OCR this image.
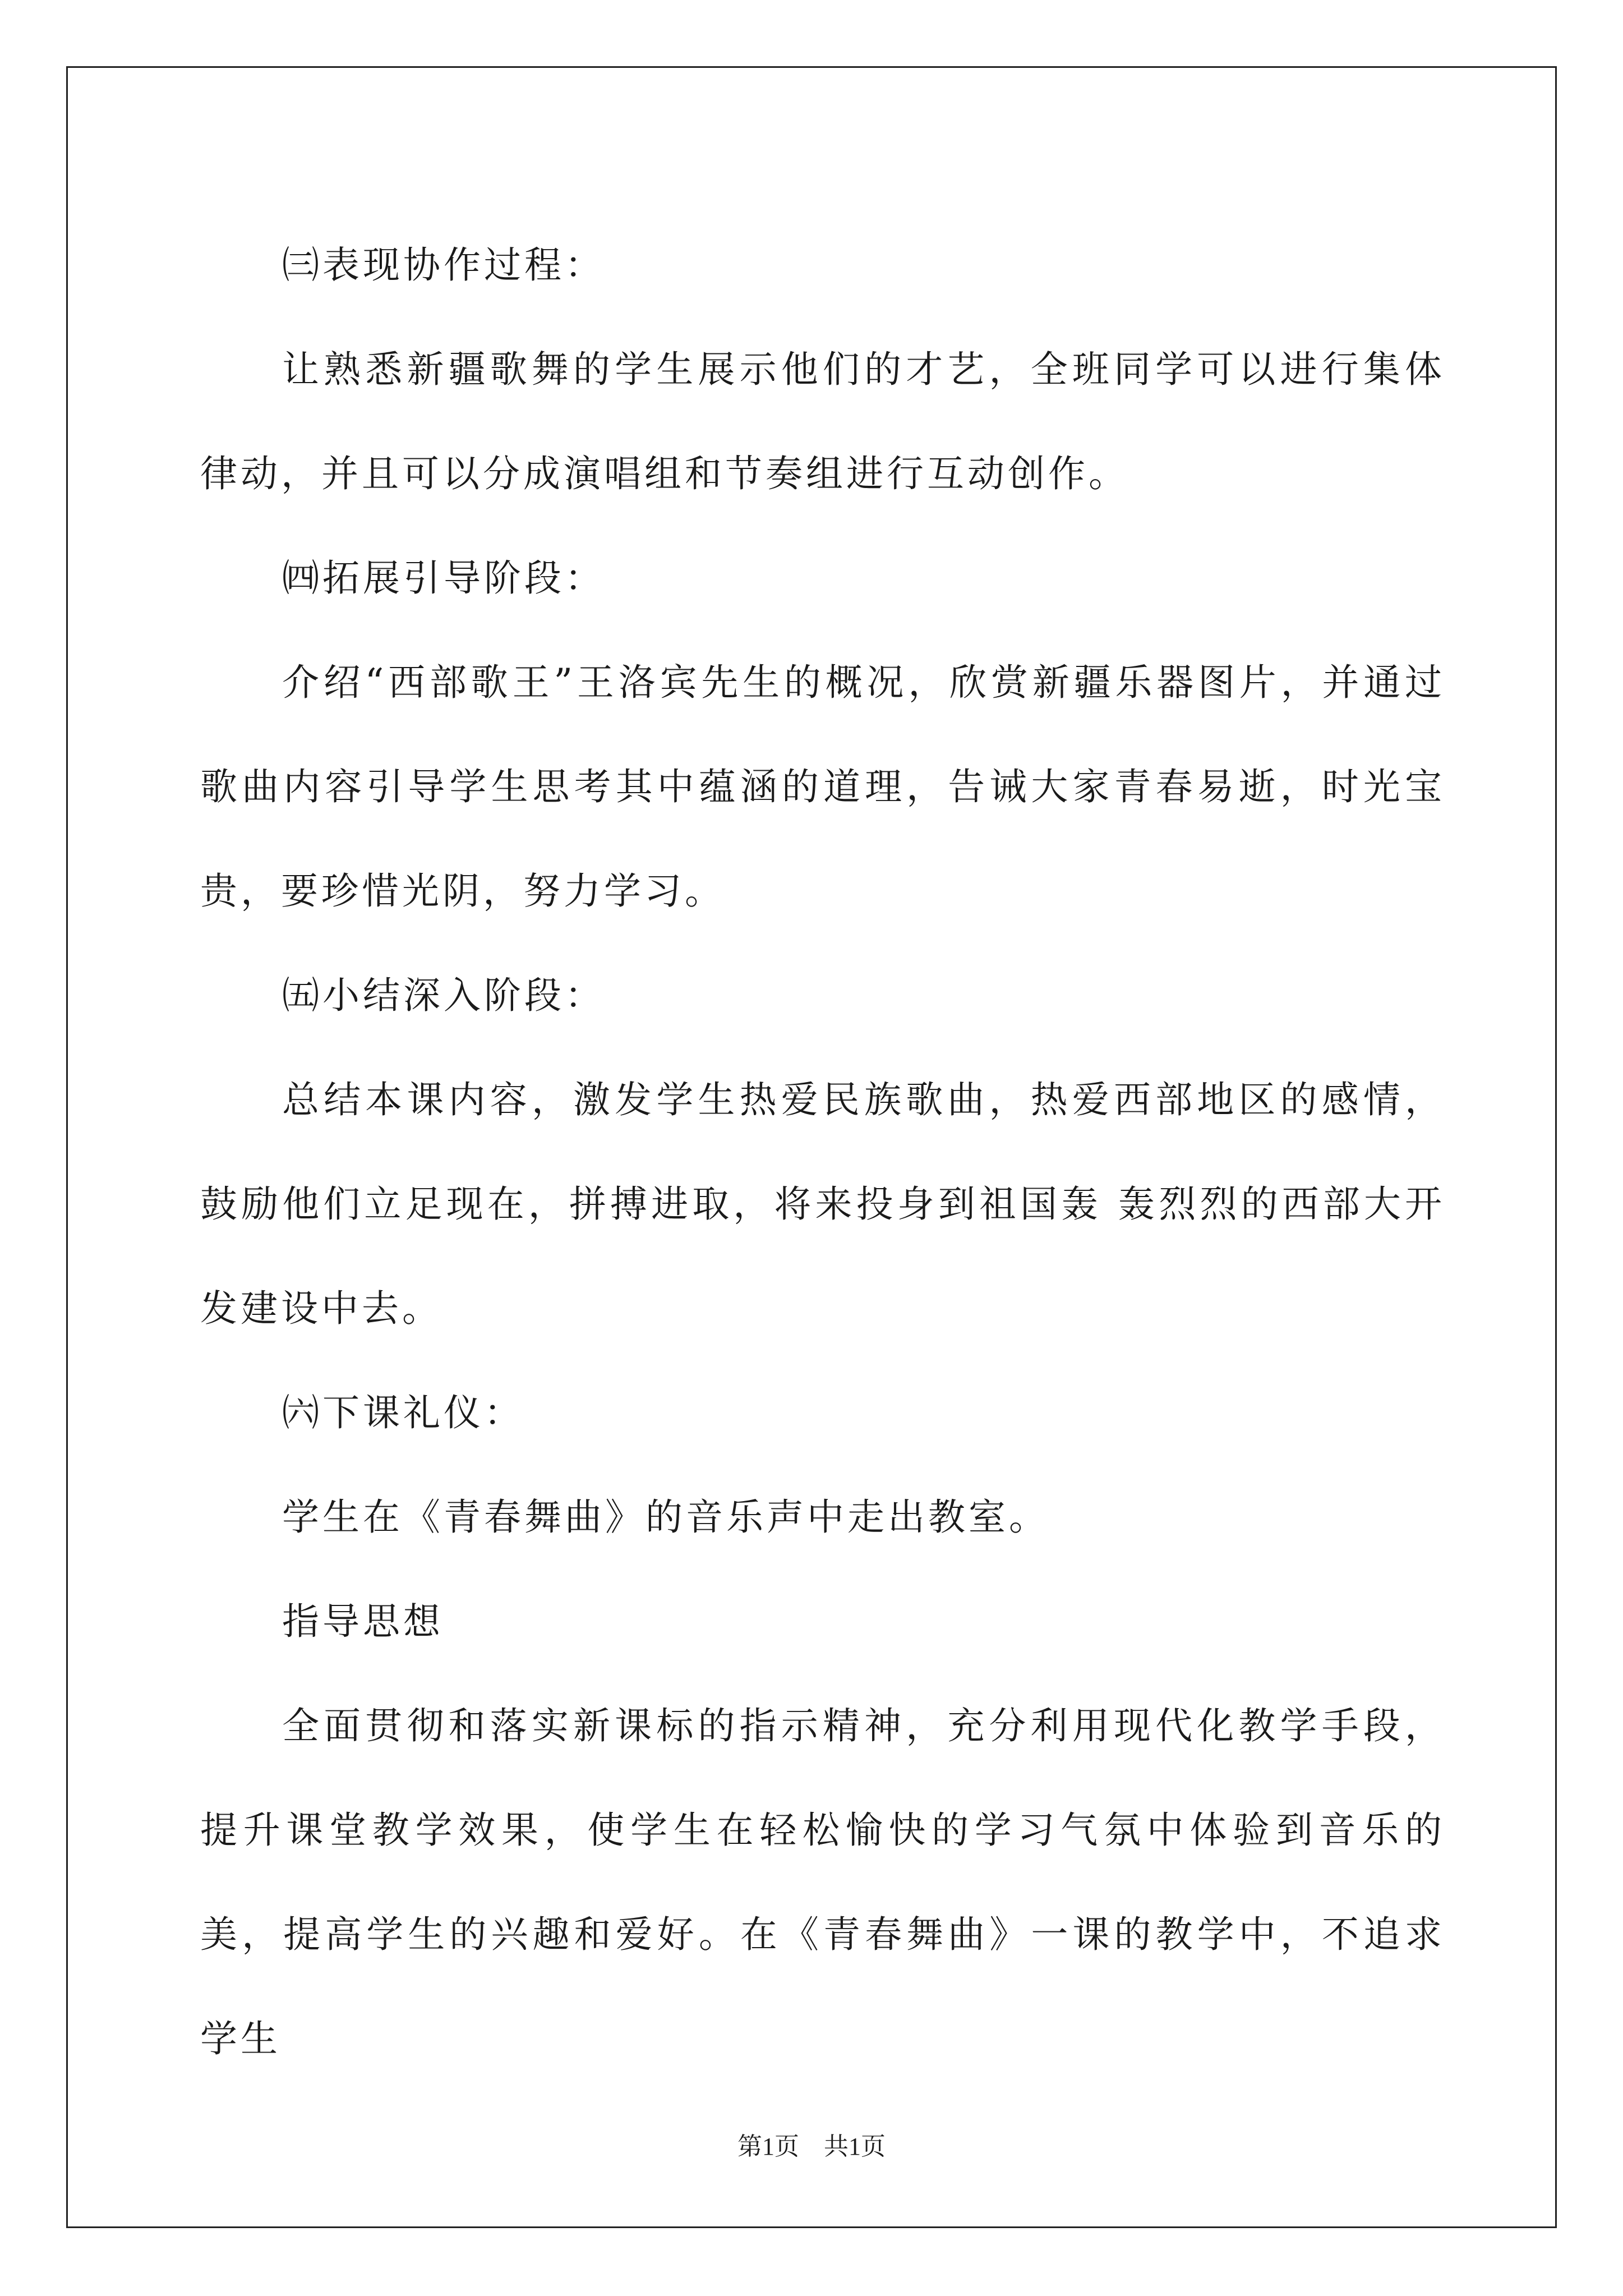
㈢表现协作过程：

让熟悉新疆歌舞的学生展示他们的才艺，全班同学可以进行集体律动，并且可以分成演唱组和节奏组进行互动创作。

㈣拓展引导阶段：

介绍“西部歌王”王洛宾先生的概况，欣赏新疆乐器图片，并通过歌曲内容引导学生思考其中蕴涵的道理，告诫大家青春易逝，时光宝贵，要珍惜光阴，努力学习。

㈤小结深入阶段：

总结本课内容，激发学生热爱民族歌曲，热爱西部地区的感情，鼓励他们立足现在，拼搏进取，将来投身到祖国轰 轰烈烈的西部大开发建设中去。

㈥下课礼仪：

学生在《青春舞曲》的音乐声中走出教室。

指导思想

全面贯彻和落实新课标的指示精神，充分利用现代化教学手段，提升课堂教学效果，使学生在轻松愉快的学习气氛中体验到音乐的美，提高学生的兴趣和爱好。在《青春舞曲》一课的教学中，不追求学生

第1页　共1页
